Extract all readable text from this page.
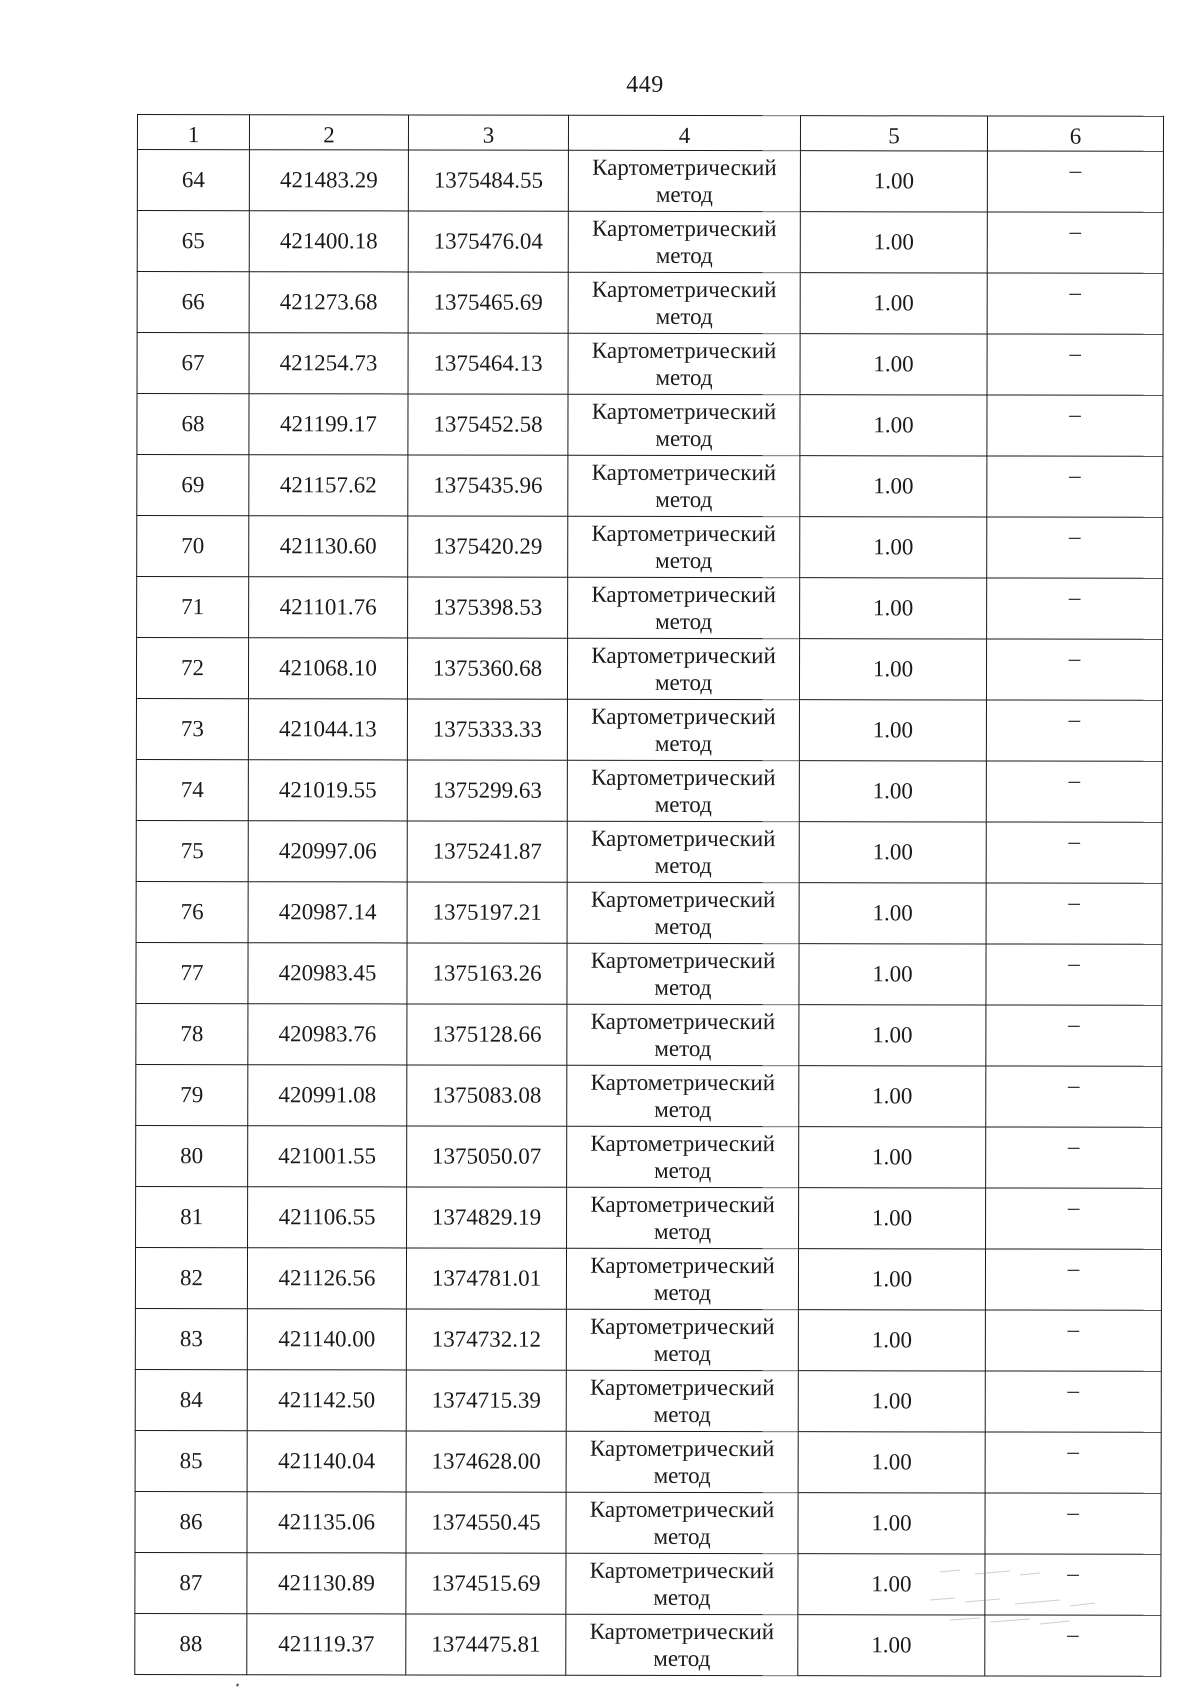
449
1	2	3	4	5	6
64	421483.29	1375484.55	Картометрический метод	1.00	–
65	421400.18	1375476.04	Картометрический метод	1.00	–
66	421273.68	1375465.69	Картометрический метод	1.00	–
67	421254.73	1375464.13	Картометрический метод	1.00	–
68	421199.17	1375452.58	Картометрический метод	1.00	–
69	421157.62	1375435.96	Картометрический метод	1.00	–
70	421130.60	1375420.29	Картометрический метод	1.00	–
71	421101.76	1375398.53	Картометрический метод	1.00	–
72	421068.10	1375360.68	Картометрический метод	1.00	–
73	421044.13	1375333.33	Картометрический метод	1.00	–
74	421019.55	1375299.63	Картометрический метод	1.00	–
75	420997.06	1375241.87	Картометрический метод	1.00	–
76	420987.14	1375197.21	Картометрический метод	1.00	–
77	420983.45	1375163.26	Картометрический метод	1.00	–
78	420983.76	1375128.66	Картометрический метод	1.00	–
79	420991.08	1375083.08	Картометрический метод	1.00	–
80	421001.55	1375050.07	Картометрический метод	1.00	–
81	421106.55	1374829.19	Картометрический метод	1.00	–
82	421126.56	1374781.01	Картометрический метод	1.00	–
83	421140.00	1374732.12	Картометрический метод	1.00	–
84	421142.50	1374715.39	Картометрический метод	1.00	–
85	421140.04	1374628.00	Картометрический метод	1.00	–
86	421135.06	1374550.45	Картометрический метод	1.00	–
87	421130.89	1374515.69	Картометрический метод	1.00	–
88	421119.37	1374475.81	Картометрический метод	1.00	–
